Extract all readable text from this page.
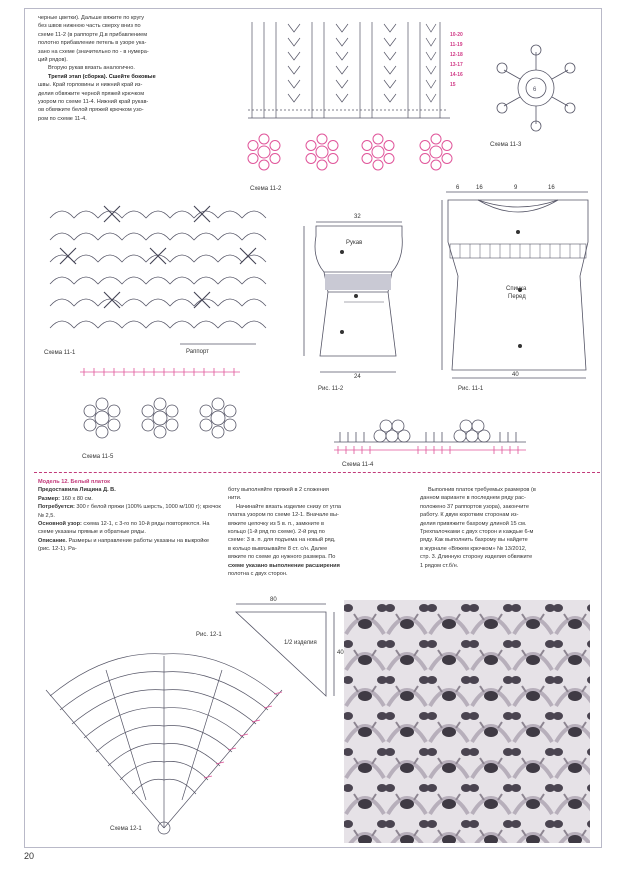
черные цветки). Дальше вяжите по кругу

без швов нижнюю часть сверху вниз по

схеме 11-2 (в раппорте Д.в прибавлением

полотно прибавление петель в узоре ука-

зано на схеме (значительно по - в нумера-

ций рядов).

Вторую рукав вязать аналогично.

Третий этап (сборка). Сшейте боковые

швы. Край горловины и нижний край из-

делия обвяжите черной пряжей крючком

узором по схеме 11-4. Нижний край рукав-

ов обвяжите белой пряжей крючком узо-

ром по схеме 11-4.

10-20
11-19
12-18
13-17
14-16
15
Схема 11-2
6
Схема 11-3
Схема 11-1	Раппорт
Рукав
32
24
Рис. 11-2
Спинка
Перед
6	16	9	16
40
Рис. 11-1
Схема 11-5
Схема 11-4

Модель 12. Белый платок

Предоставила Лищина Д. В.

Размер: 160 x 80 см.

Потребуется: 300 г белой пряжи (100% шерсть, 1000 м/100 г); крючок № 2,5.

Основной узор: схема 12-1, с 3-го по 10-й ряды повторяются. На схеме указаны прямые и обратные ряды.

Описание. Размеры и направление работы указаны на выкройке (рис. 12-1). Ра-

боту выполняйте пряжей в 2 сложения

нити.

Начинайте вязать изделие снизу от угла

платка узором по схеме 12-1. Вначале вы-

вяжите цепочку из 5 в. п., замкните в

кольцо (1-й ряд по схеме). 2-й ряд по

схеме: 3 в. п. для подъема на новый ряд,

в кольцо вывязывайте 8 ст. с/н. Далее

вяжите по схеме до нужного размера. По

схеме указано выполнение расширения

полотна с двух сторон.

Выполнив платок требуемых размеров (в

данном варианте в последнем ряду рас-

положено 37 раппортов узора), закончите

работу. К двум коротким сторонам из-

делия привяжите бахрому длиной 15 см.

Трехпалочками с двух сторон и каждые 6-м

ряду. Как выполнить бахрому вы найдете

в журнале «Вяжем крючком» № 13/2012,

стр. 3. Длинную сторону изделия обвяжите

1 рядом ст.б/н.

80
40
1/2 изделия
Рис. 12-1
Схема 12-1
20
